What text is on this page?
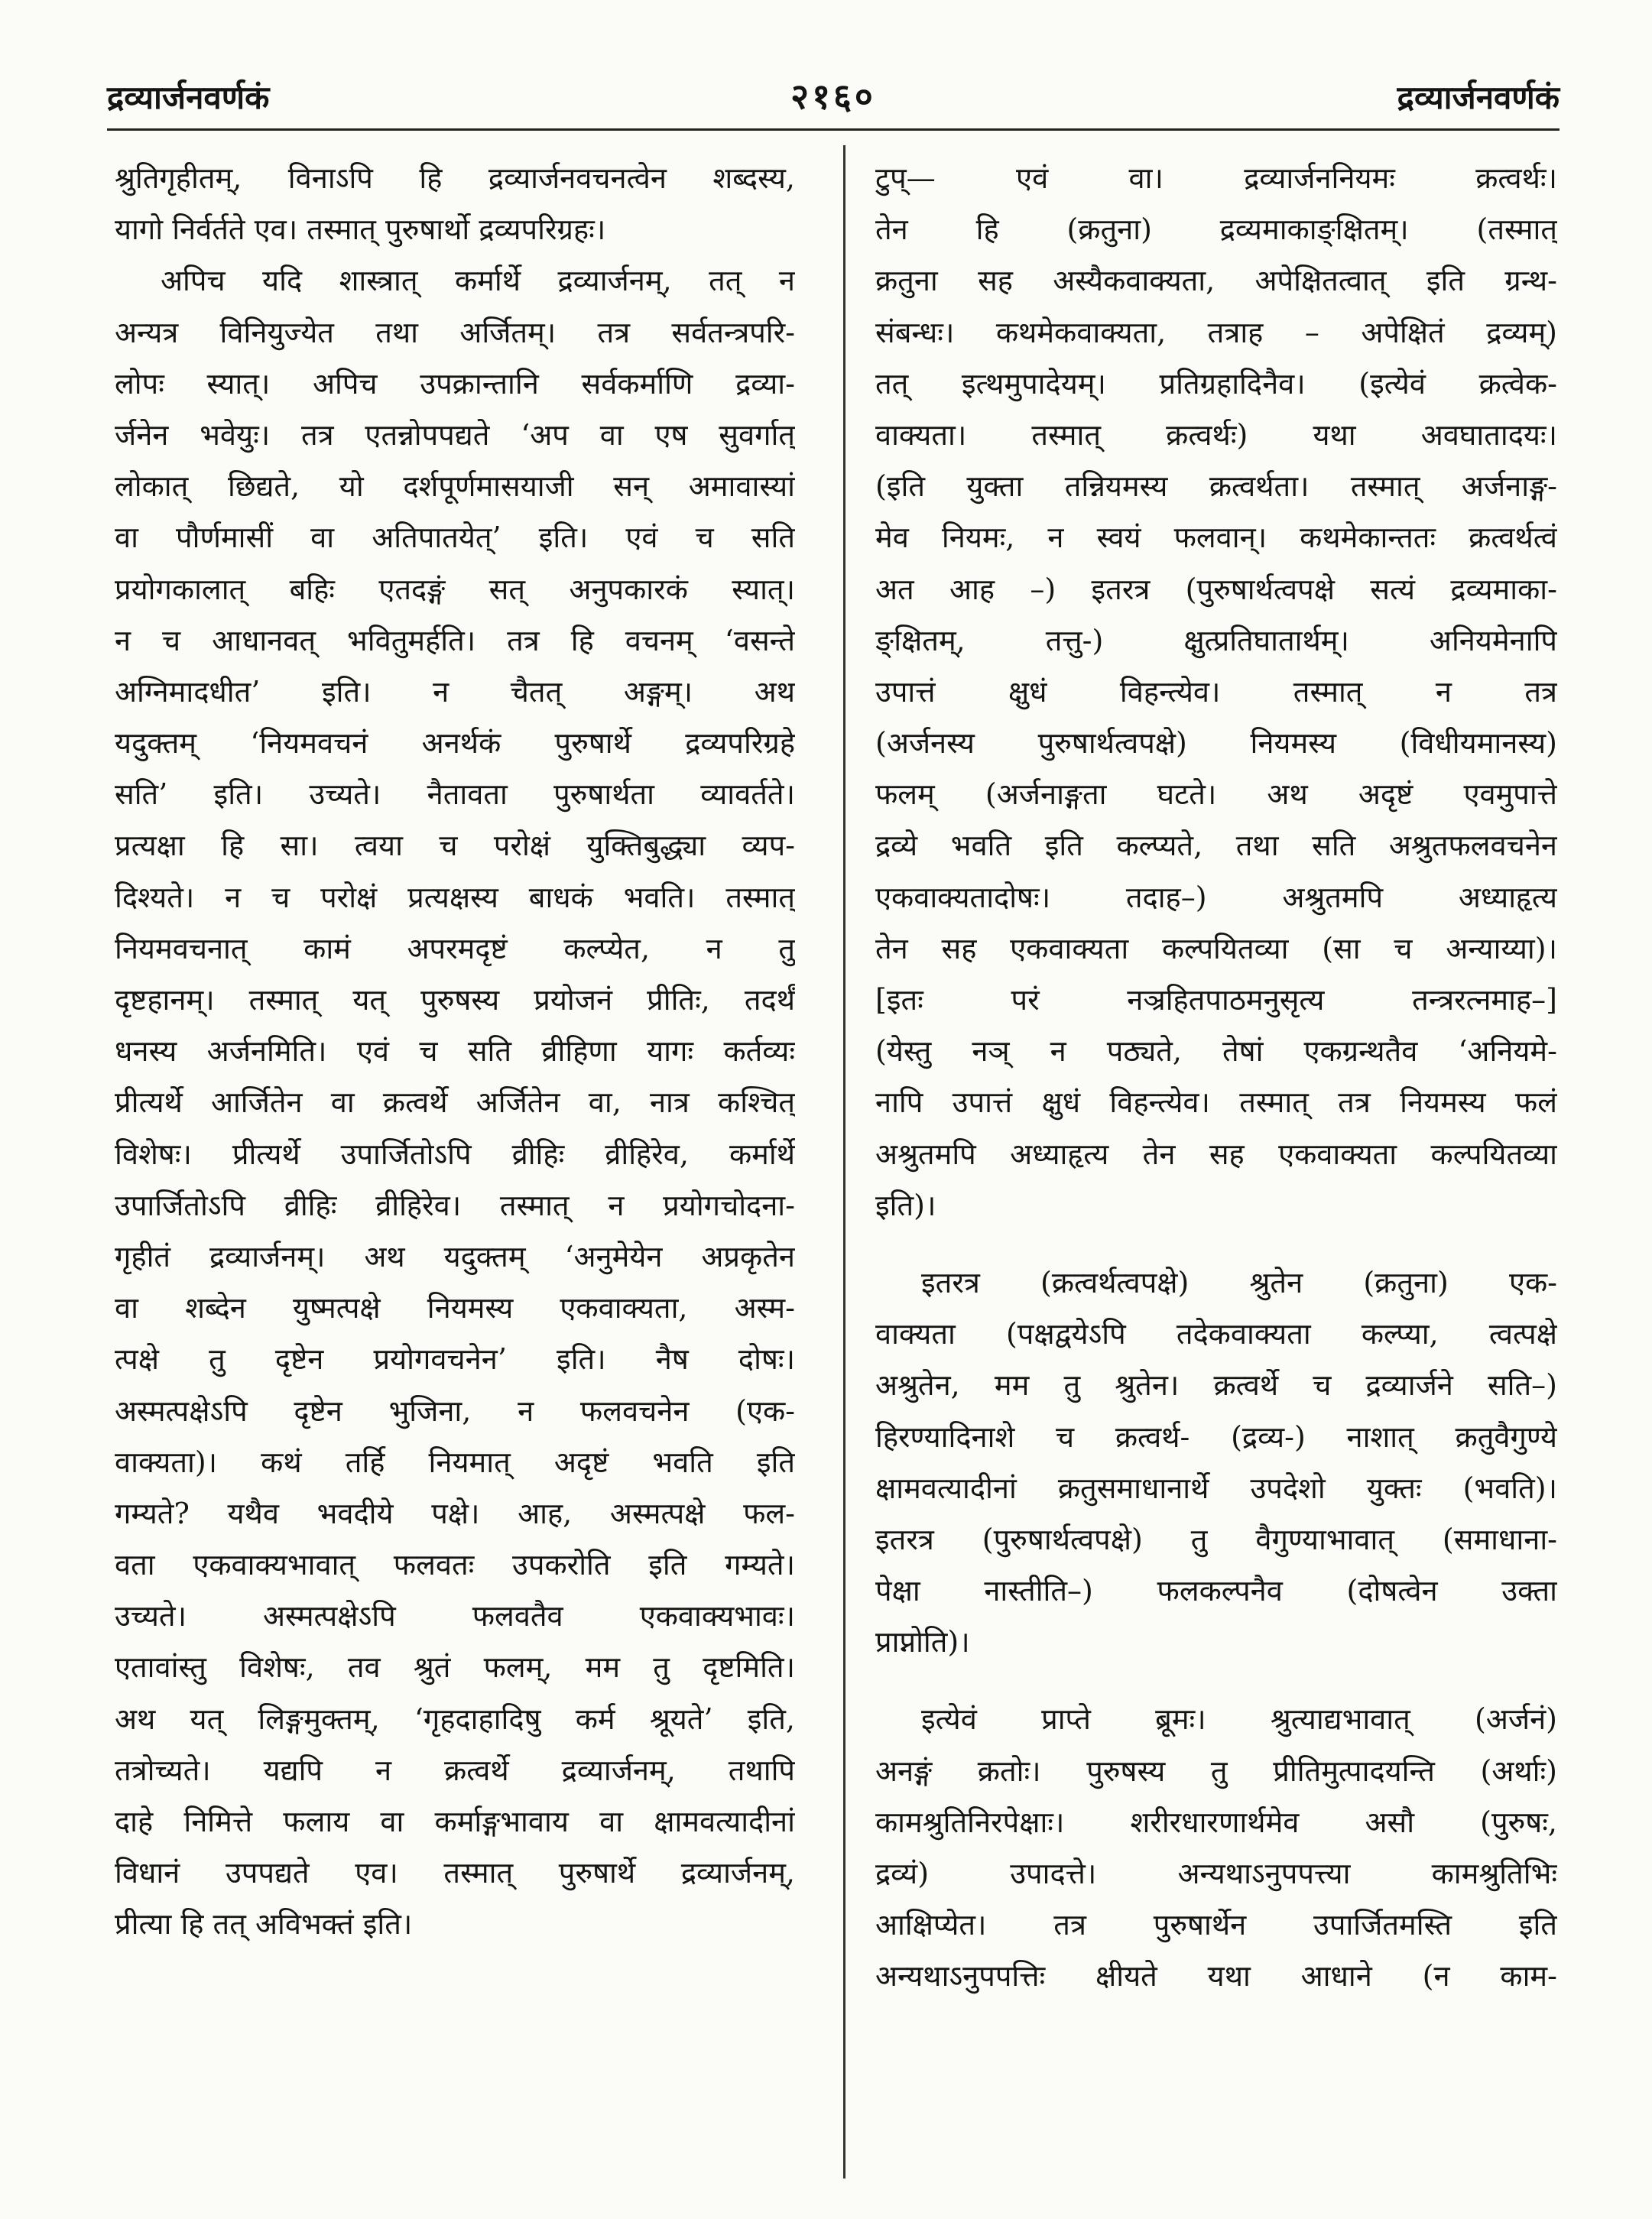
द्रव्यार्जनवर्णकं	२१६०	द्रव्यार्जनवर्णकं
श्रुतिगृहीतम्, विनाऽपि हि द्रव्यार्जनवचनत्वेन शब्दस्य,
यागो निर्वर्तते एव। तस्मात् पुरुषार्थो द्रव्यपरिग्रहः।
अपिच यदि शास्त्रात् कर्मार्थे द्रव्यार्जनम्, तत् न
अन्यत्र विनियुज्येत तथा अर्जितम्। तत्र सर्वतन्त्रपरि-
लोपः स्यात्। अपिच उपक्रान्तानि सर्वकर्माणि द्रव्या-
र्जनेन भवेयुः। तत्र एतन्नोपपद्यते ‘अप वा एष सुवर्गात्
लोकात् छिद्यते, यो दर्शपूर्णमासयाजी सन् अमावास्यां
वा पौर्णमासीं वा अतिपातयेत्’ इति। एवं च सति
प्रयोगकालात् बहिः एतदङ्गं सत् अनुपकारकं स्यात्।
न च आधानवत् भवितुमर्हति। तत्र हि वचनम् ‘वसन्ते
अग्निमादधीत’ इति। न चैतत् अङ्गम्। अथ
यदुक्तम् ‘नियमवचनं अनर्थकं पुरुषार्थे द्रव्यपरिग्रहे
सति’ इति। उच्यते। नैतावता पुरुषार्थता व्यावर्तते।
प्रत्यक्षा हि सा। त्वया च परोक्षं युक्तिबुद्ध्या व्यप-
दिश्यते। न च परोक्षं प्रत्यक्षस्य बाधकं भवति। तस्मात्
नियमवचनात् कामं अपरमदृष्टं कल्प्येत, न तु
दृष्टहानम्। तस्मात् यत् पुरुषस्य प्रयोजनं प्रीतिः, तदर्थं
धनस्य अर्जनमिति। एवं च सति व्रीहिणा यागः कर्तव्यः
प्रीत्यर्थे आर्जितेन वा क्रत्वर्थे अर्जितेन वा, नात्र कश्चित्
विशेषः। प्रीत्यर्थे उपार्जितोऽपि व्रीहिः व्रीहिरेव, कर्मार्थे
उपार्जितोऽपि व्रीहिः व्रीहिरेव। तस्मात् न प्रयोगचोदना-
गृहीतं द्रव्यार्जनम्। अथ यदुक्तम् ‘अनुमेयेन अप्रकृतेन
वा शब्देन युष्मत्पक्षे नियमस्य एकवाक्यता, अस्म-
त्पक्षे तु दृष्टेन प्रयोगवचनेन’ इति। नैष दोषः।
अस्मत्पक्षेऽपि दृष्टेन भुजिना, न फलवचनेन (एक-
वाक्यता)। कथं तर्हि नियमात् अदृष्टं भवति इति
गम्यते? यथैव भवदीये पक्षे। आह, अस्मत्पक्षे फल-
वता एकवाक्यभावात् फलवतः उपकरोति इति गम्यते।
उच्यते। अस्मत्पक्षेऽपि फलवतैव एकवाक्यभावः।
एतावांस्तु विशेषः, तव श्रुतं फलम्, मम तु दृष्टमिति।
अथ यत् लिङ्गमुक्तम्, ‘गृहदाहादिषु कर्म श्रूयते’ इति,
तत्रोच्यते। यद्यपि न क्रत्वर्थे द्रव्यार्जनम्, तथापि
दाहे निमित्ते फलाय वा कर्माङ्गभावाय वा क्षामवत्यादीनां
विधानं उपपद्यते एव। तस्मात् पुरुषार्थे द्रव्यार्जनम्,
प्रीत्या हि तत् अविभक्तं इति।
टुप्— एवं वा। द्रव्यार्जननियमः क्रत्वर्थः।
तेन हि (क्रतुना) द्रव्यमाकाङ्क्षितम्। (तस्मात्
क्रतुना सह अस्यैकवाक्यता, अपेक्षितत्वात् इति ग्रन्थ-
संबन्धः। कथमेकवाक्यता, तत्राह – अपेक्षितं द्रव्यम्)
तत् इत्थमुपादेयम्। प्रतिग्रहादिनैव। (इत्येवं क्रत्वेक-
वाक्यता। तस्मात् क्रत्वर्थः) यथा अवघातादयः।
(इति युक्ता तन्नियमस्य क्रत्वर्थता। तस्मात् अर्जनाङ्ग-
मेव नियमः, न स्वयं फलवान्। कथमेकान्ततः क्रत्वर्थत्वं
अत आह –) इतरत्र (पुरुषार्थत्वपक्षे सत्यं द्रव्यमाका-
ङ्क्षितम्, तत्तु-) क्षुत्प्रतिघातार्थम्। अनियमेनापि
उपात्तं क्षुधं विहन्त्येव। तस्मात् न तत्र
(अर्जनस्य पुरुषार्थत्वपक्षे) नियमस्य (विधीयमानस्य)
फलम् (अर्जनाङ्गता घटते। अथ अदृष्टं एवमुपात्ते
द्रव्ये भवति इति कल्प्यते, तथा सति अश्रुतफलवचनेन
एकवाक्यतादोषः। तदाह–) अश्रुतमपि अध्याहृत्य
तेन सह एकवाक्यता कल्पयितव्या (सा च अन्याय्या)।
[इतः परं नञ्रहितपाठमनुसृत्य तन्त्ररत्नमाह–]
(येस्तु नञ् न पठ्यते, तेषां एकग्रन्थतैव ‘अनियमे-
नापि उपात्तं क्षुधं विहन्त्येव। तस्मात् तत्र नियमस्य फलं
अश्रुतमपि अध्याहृत्य तेन सह एकवाक्यता कल्पयितव्या
इति)।
इतरत्र (क्रत्वर्थत्वपक्षे) श्रुतेन (क्रतुना) एक-
वाक्यता (पक्षद्वयेऽपि तदेकवाक्यता कल्प्या, त्वत्पक्षे
अश्रुतेन, मम तु श्रुतेन। क्रत्वर्थे च द्रव्यार्जने सति–)
हिरण्यादिनाशे च क्रत्वर्थ- (द्रव्य-) नाशात् क्रतुवैगुण्ये
क्षामवत्यादीनां क्रतुसमाधानार्थे उपदेशो युक्तः (भवति)।
इतरत्र (पुरुषार्थत्वपक्षे) तु वैगुण्याभावात् (समाधाना-
पेक्षा नास्तीति–) फलकल्पनैव (दोषत्वेन उक्ता
प्राप्नोति)।
इत्येवं प्राप्ते ब्रूमः। श्रुत्याद्यभावात् (अर्जनं)
अनङ्गं क्रतोः। पुरुषस्य तु प्रीतिमुत्पादयन्ति (अर्थाः)
कामश्रुतिनिरपेक्षाः। शरीरधारणार्थमेव असौ (पुरुषः,
द्रव्यं) उपादत्ते। अन्यथाऽनुपपत्त्या कामश्रुतिभिः
आक्षिप्येत। तत्र पुरुषार्थेन उपार्जितमस्ति इति
अन्यथाऽनुपपत्तिः क्षीयते यथा आधाने (न काम-
